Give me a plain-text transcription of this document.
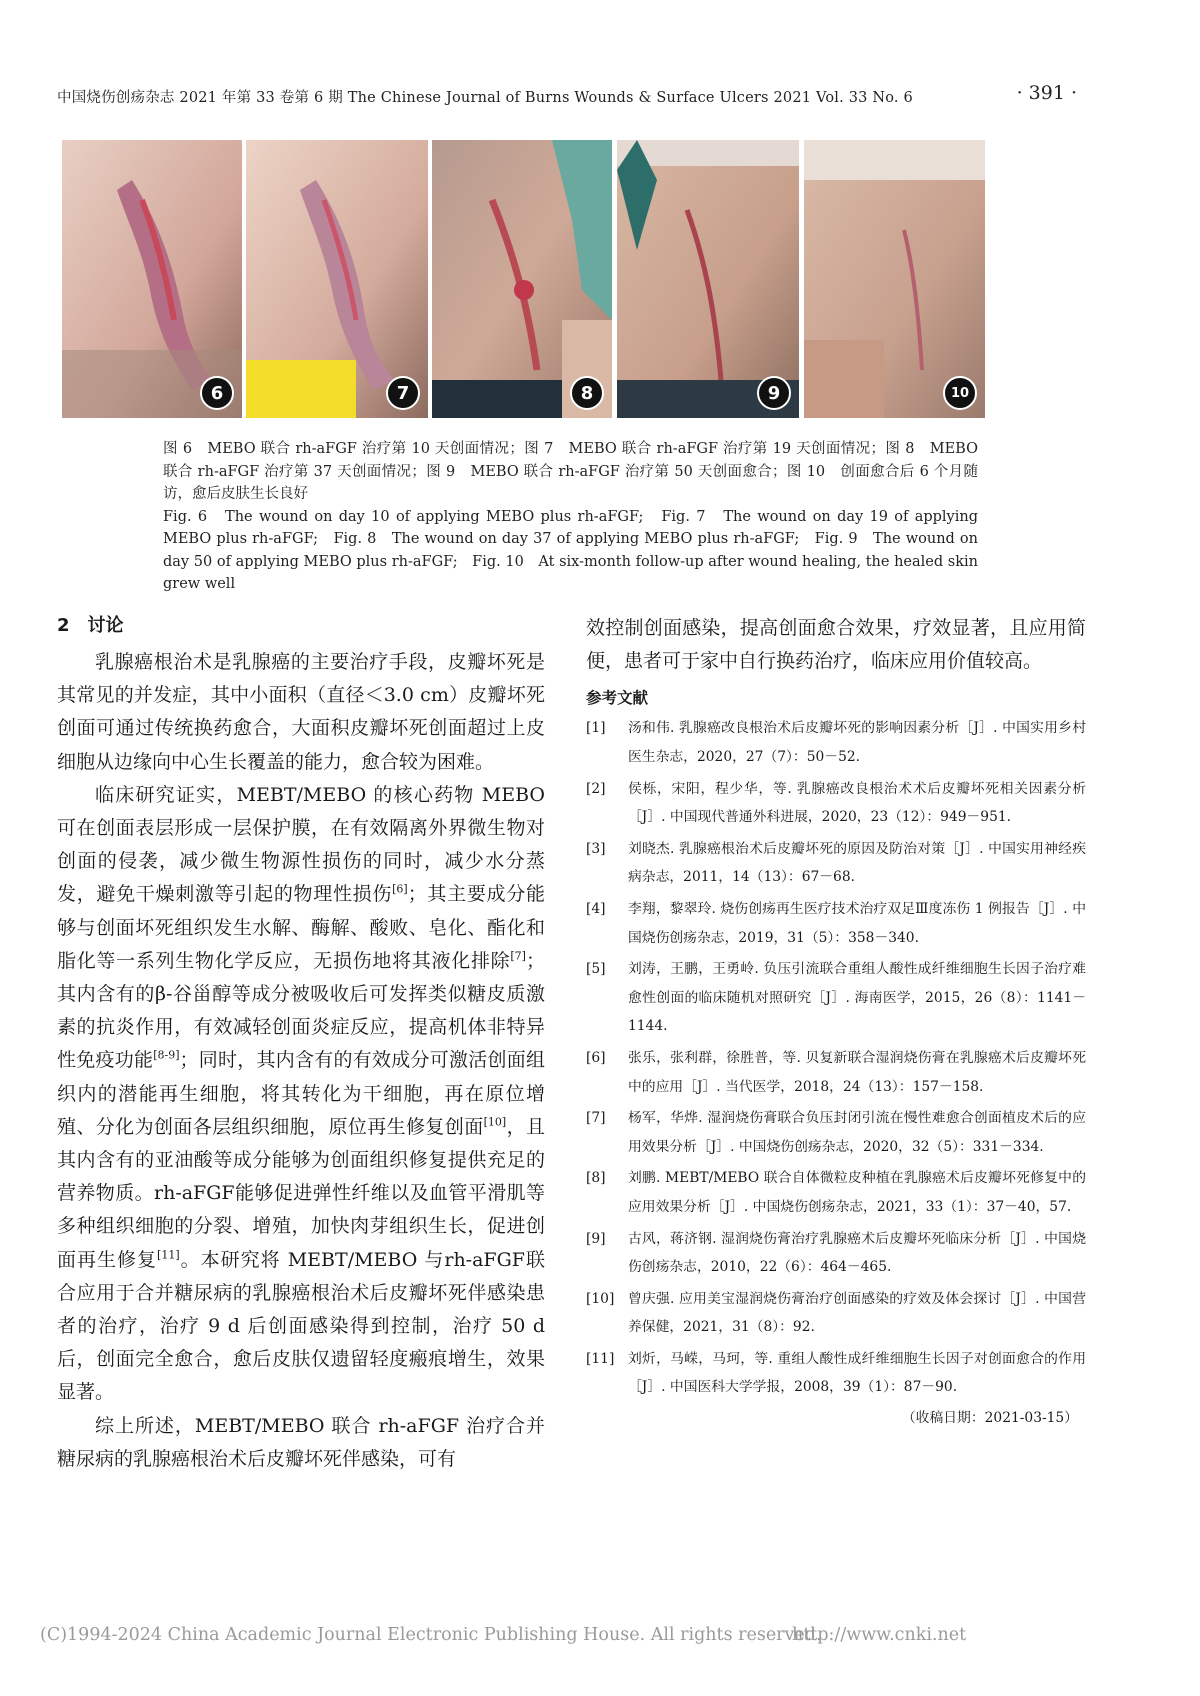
中国烧伤创疡杂志 2021 年第 33 卷第 6 期 The Chinese Journal of Burns Wounds & Surface Ulcers 2021 Vol. 33 No. 6	· 391 ·
6	7	8	9	10

图 6　MEBO 联合 rh-aFGF 治疗第 10 天创面情况；图 7　MEBO 联合 rh-aFGF 治疗第 19 天创面情况；图 8　MEBO 联合 rh-aFGF 治疗第 37 天创面情况；图 9　MEBO 联合 rh-aFGF 治疗第 50 天创面愈合；图 10　创面愈合后 6 个月随访，愈后皮肤生长良好

Fig. 6　The wound on day 10 of applying MEBO plus rh-aFGF;　Fig. 7　The wound on day 19 of applying MEBO plus rh-aFGF;　Fig. 8　The wound on day 37 of applying MEBO plus rh-aFGF;　Fig. 9　The wound on day 50 of applying MEBO plus rh-aFGF;　Fig. 10　At six-month follow-up after wound healing, the healed skin grew well

2　讨论

乳腺癌根治术是乳腺癌的主要治疗手段，皮瓣坏死是其常见的并发症，其中小面积（直径＜3.0 cm）皮瓣坏死创面可通过传统换药愈合，大面积皮瓣坏死创面超过上皮细胞从边缘向中心生长覆盖的能力，愈合较为困难。

临床研究证实，MEBT/MEBO 的核心药物 MEBO可在创面表层形成一层保护膜，在有效隔离外界微生物对创面的侵袭，减少微生物源性损伤的同时，减少水分蒸发，避免干燥刺激等引起的物理性损伤[6]；其主要成分能够与创面坏死组织发生水解、酶解、酸败、皂化、酯化和脂化等一系列生物化学反应，无损伤地将其液化排除[7]；其内含有的β-谷甾醇等成分被吸收后可发挥类似糖皮质激素的抗炎作用，有效减轻创面炎症反应，提高机体非特异性免疫功能[8-9]；同时，其内含有的有效成分可激活创面组织内的潜能再生细胞，将其转化为干细胞，再在原位增殖、分化为创面各层组织细胞，原位再生修复创面[10]，且其内含有的亚油酸等成分能够为创面组织修复提供充足的营养物质。rh-aFGF能够促进弹性纤维以及血管平滑肌等多种组织细胞的分裂、增殖，加快肉芽组织生长，促进创面再生修复[11]。本研究将 MEBT/MEBO 与rh-aFGF联合应用于合并糖尿病的乳腺癌根治术后皮瓣坏死伴感染患者的治疗，治疗 9 d 后创面感染得到控制，治疗 50 d 后，创面完全愈合，愈后皮肤仅遗留轻度瘢痕增生，效果显著。

综上所述，MEBT/MEBO 联合 rh-aFGF 治疗合并糖尿病的乳腺癌根治术后皮瓣坏死伴感染，可有

效控制创面感染，提高创面愈合效果，疗效显著，且应用简便，患者可于家中自行换药治疗，临床应用价值较高。

参考文献
[1] 汤和伟. 乳腺癌改良根治术后皮瓣坏死的影响因素分析［J］. 中国实用乡村医生杂志，2020，27（7）：50－52.
[2] 侯栎，宋阳，程少华，等. 乳腺癌改良根治术术后皮瓣坏死相关因素分析［J］. 中国现代普通外科进展，2020，23（12）：949－951.
[3] 刘晓杰. 乳腺癌根治术后皮瓣坏死的原因及防治对策［J］. 中国实用神经疾病杂志，2011，14（13）：67－68.
[4] 李翔，黎翠玲. 烧伤创疡再生医疗技术治疗双足Ⅲ度冻伤 1 例报告［J］. 中国烧伤创疡杂志，2019，31（5）：358－340.
[5] 刘涛，王鹏，王勇岭. 负压引流联合重组人酸性成纤维细胞生长因子治疗难愈性创面的临床随机对照研究［J］. 海南医学，2015，26（8）：1141－1144.
[6] 张乐，张利群，徐胜普，等. 贝复新联合湿润烧伤膏在乳腺癌术后皮瓣坏死中的应用［J］. 当代医学，2018，24（13）：157－158.
[7] 杨军，华烨. 湿润烧伤膏联合负压封闭引流在慢性难愈合创面植皮术后的应用效果分析［J］. 中国烧伤创疡杂志，2020，32（5）：331－334.
[8] 刘鹏. MEBT/MEBO 联合自体微粒皮种植在乳腺癌术后皮瓣坏死修复中的应用效果分析［J］. 中国烧伤创疡杂志，2021，33（1）：37－40，57.
[9] 古风，蒋济钢. 湿润烧伤膏治疗乳腺癌术后皮瓣坏死临床分析［J］. 中国烧伤创疡杂志，2010，22（6）：464－465.
[10] 曾庆强. 应用美宝湿润烧伤膏治疗创面感染的疗效及体会探讨［J］. 中国营养保健，2021，31（8）：92.
[11] 刘炘，马嵘，马珂，等. 重组人酸性成纤维细胞生长因子对创面愈合的作用［J］. 中国医科大学学报，2008，39（1）：87－90.
（收稿日期：2021-03-15）
(C)1994-2024 China Academic Journal Electronic Publishing House. All rights reserved.
http://www.cnki.net
